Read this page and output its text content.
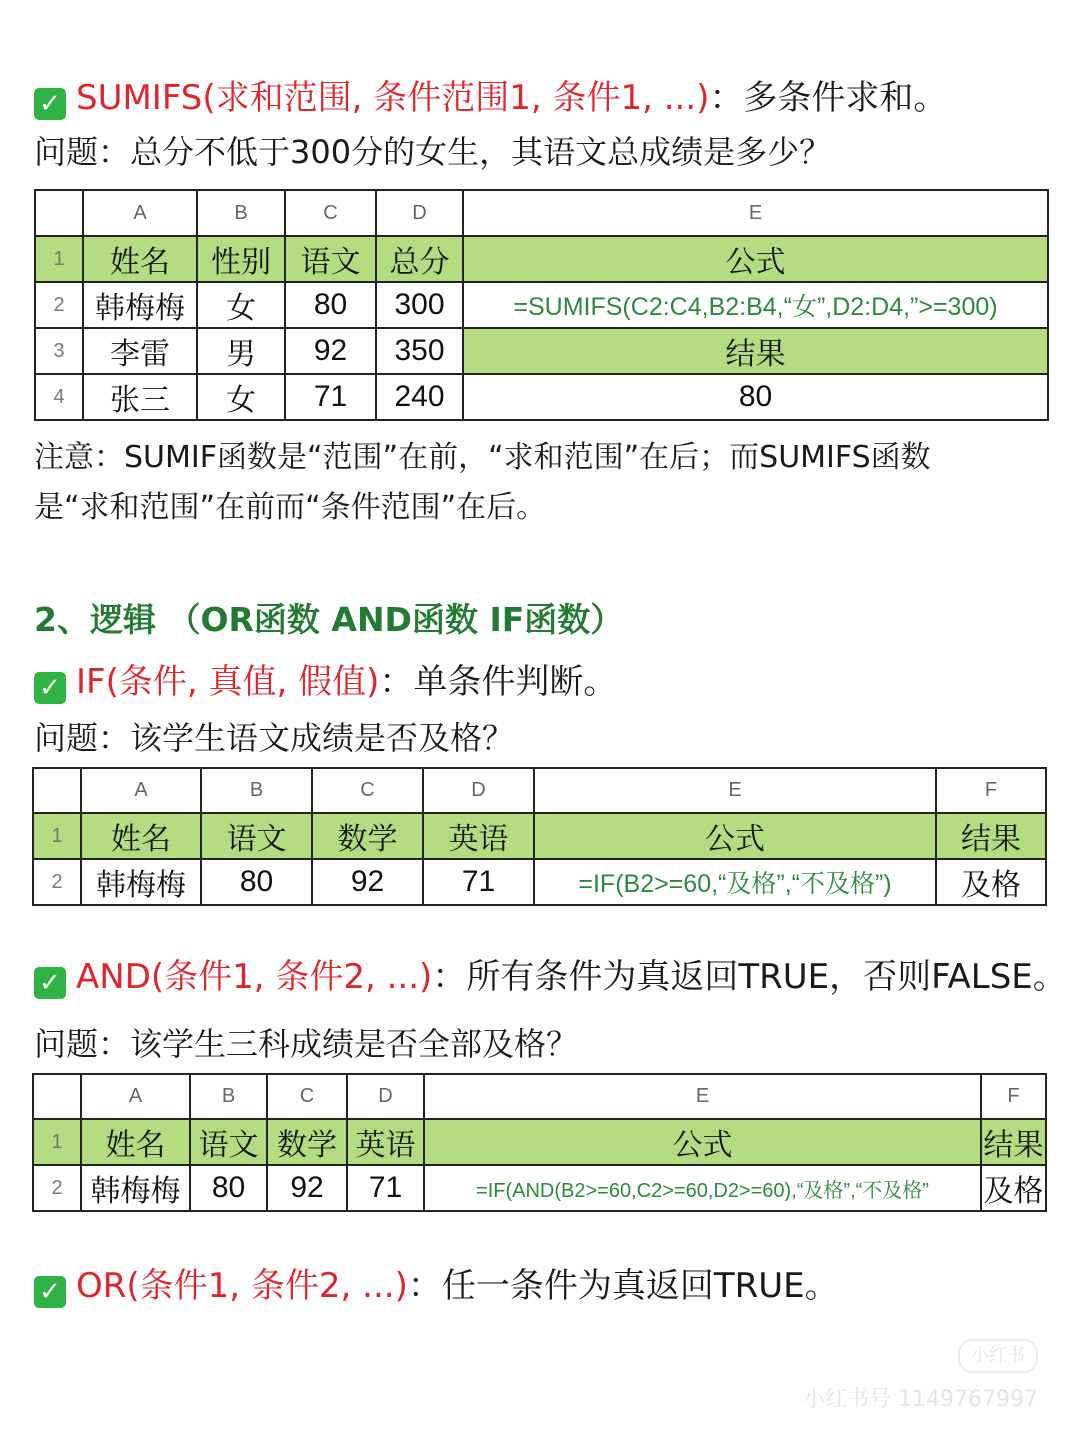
✓ SUMIFS(求和范围, 条件范围1, 条件1, ...)：多条件求和。
问题：总分不低于300分的女生，其语文总成绩是多少？
	A	B	C	D	E
1	姓名	性别	语文	总分	公式
2	韩梅梅	女	80	300	=SUMIFS(C2:C4,B2:B4,“女”,D2:D4,”>=300)
3	李雷	男	92	350	结果
4	张三	女	71	240	80
注意：SUMIF函数是“范围”在前，“求和范围”在后；而SUMIFS函数
是“求和范围”在前而“条件范围”在后。
2、逻辑 （OR函数 AND函数 IF函数）
✓ IF(条件, 真值, 假值)：单条件判断。
问题：该学生语文成绩是否及格？
	A	B	C	D	E	F
1	姓名	语文	数学	英语	公式	结果
2	韩梅梅	80	92	71	=IF(B2>=60,“及格”,“不及格”)	及格
✓ AND(条件1, 条件2, ...)：所有条件为真返回TRUE，否则FALSE。
问题：该学生三科成绩是否全部及格？
	A	B	C	D	E	F
1	姓名	语文	数学	英语	公式	结果
2	韩梅梅	80	92	71	=IF(AND(B2>=60,C2>=60,D2>=60),“及格”,“不及格”	及格
✓ OR(条件1, 条件2, ...)：任一条件为真返回TRUE。
小红书
小红书号 1149767997
